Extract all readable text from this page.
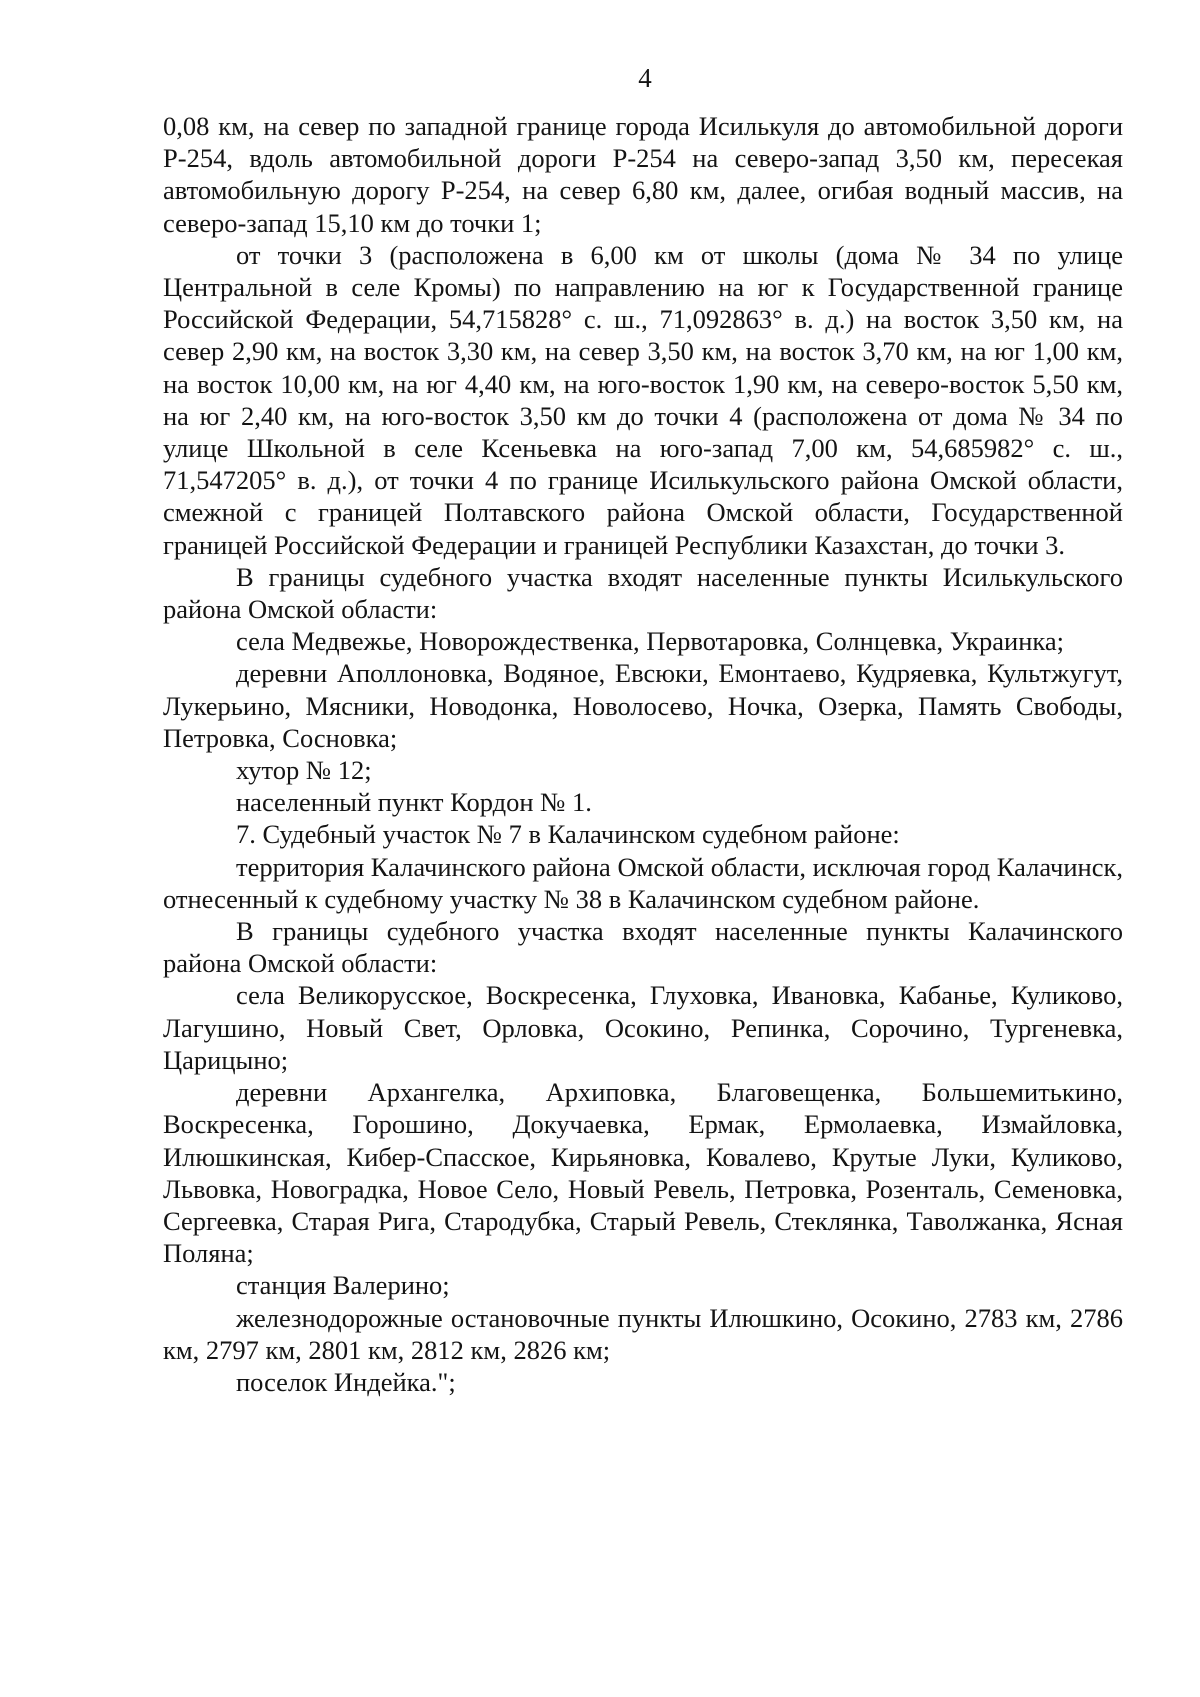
4

0,08 км, на север по западной границе города Исилькуля до автомобильной дороги Р-254, вдоль автомобильной дороги Р-254 на северо-запад 3,50 км, пересекая автомобильную дорогу Р-254, на север 6,80 км, далее, огибая водный массив, на северо-запад 15,10 км до точки 1;

от точки 3 (расположена в 6,00 км от школы (дома № 34 по улице Центральной в селе Кромы) по направлению на юг к Государственной границе Российской Федерации, 54,715828° с. ш., 71,092863° в. д.) на восток 3,50 км, на север 2,90 км, на восток 3,30 км, на север 3,50 км, на восток 3,70 км, на юг 1,00 км, на восток 10,00 км, на юг 4,40 км, на юго-восток 1,90 км, на северо-восток 5,50 км, на юг 2,40 км, на юго-восток 3,50 км до точки 4 (расположена от дома № 34 по улице Школьной в селе Ксеньевка на юго-запад 7,00 км, 54,685982° с. ш., 71,547205° в. д.), от точки 4 по границе Исилькульского района Омской области, смежной с границей Полтавского района Омской области, Государственной границей Российской Федерации и границей Республики Казахстан, до точки 3.

В границы судебного участка входят населенные пункты Исилькульского района Омской области:

села Медвежье, Новорождественка, Первотаровка, Солнцевка, Украинка;

деревни Аполлоновка, Водяное, Евсюки, Емонтаево, Кудряевка, Культжугут, Лукерьино, Мясники, Новодонка, Новолосево, Ночка, Озерка, Память Свободы, Петровка, Сосновка;

хутор № 12;

населенный пункт Кордон № 1.

7. Судебный участок № 7 в Калачинском судебном районе:

территория Калачинского района Омской области, исключая город Калачинск, отнесенный к судебному участку № 38 в Калачинском судебном районе.

В границы судебного участка входят населенные пункты Калачинского района Омской области:

села Великорусское, Воскресенка, Глуховка, Ивановка, Кабанье, Куликово, Лагушино, Новый Свет, Орловка, Осокино, Репинка, Сорочино, Тургеневка, Царицыно;

деревни Архангелка, Архиповка, Благовещенка, Большемитькино, Воскресенка, Горошино, Докучаевка, Ермак, Ермолаевка, Измайловка, Илюшкинская, Кибер-Спасское, Кирьяновка, Ковалево, Крутые Луки, Куликово, Львовка, Новоградка, Новое Село, Новый Ревель, Петровка, Розенталь, Семеновка, Сергеевка, Старая Рига, Стародубка, Старый Ревель, Стеклянка, Таволжанка, Ясная Поляна;

станция Валерино;

железнодорожные остановочные пункты Илюшкино, Осокино, 2783 км, 2786 км, 2797 км, 2801 км, 2812 км, 2826 км;

поселок Индейка.";
